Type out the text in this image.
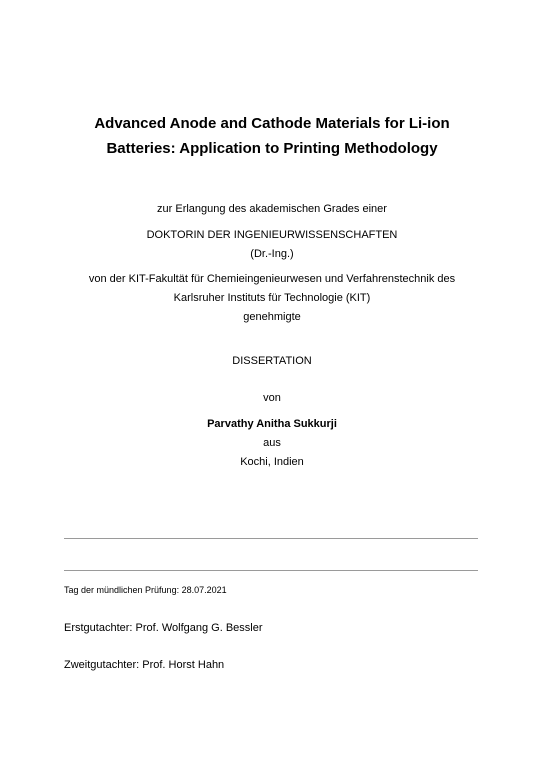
Advanced Anode and Cathode Materials for Li-ion
Batteries: Application to Printing Methodology
zur Erlangung des akademischen Grades einer
DOKTORIN DER INGENIEURWISSENSCHAFTEN
(Dr.-Ing.)
von der KIT-Fakultät für Chemieingenieurwesen und Verfahrenstechnik des
Karlsruher Instituts für Technologie (KIT)
genehmigte
DISSERTATION
von
Parvathy Anitha Sukkurji
aus
Kochi, Indien
Tag der mündlichen Prüfung: 28.07.2021
Erstgutachter: Prof. Wolfgang G. Bessler
Zweitgutachter: Prof. Horst Hahn
